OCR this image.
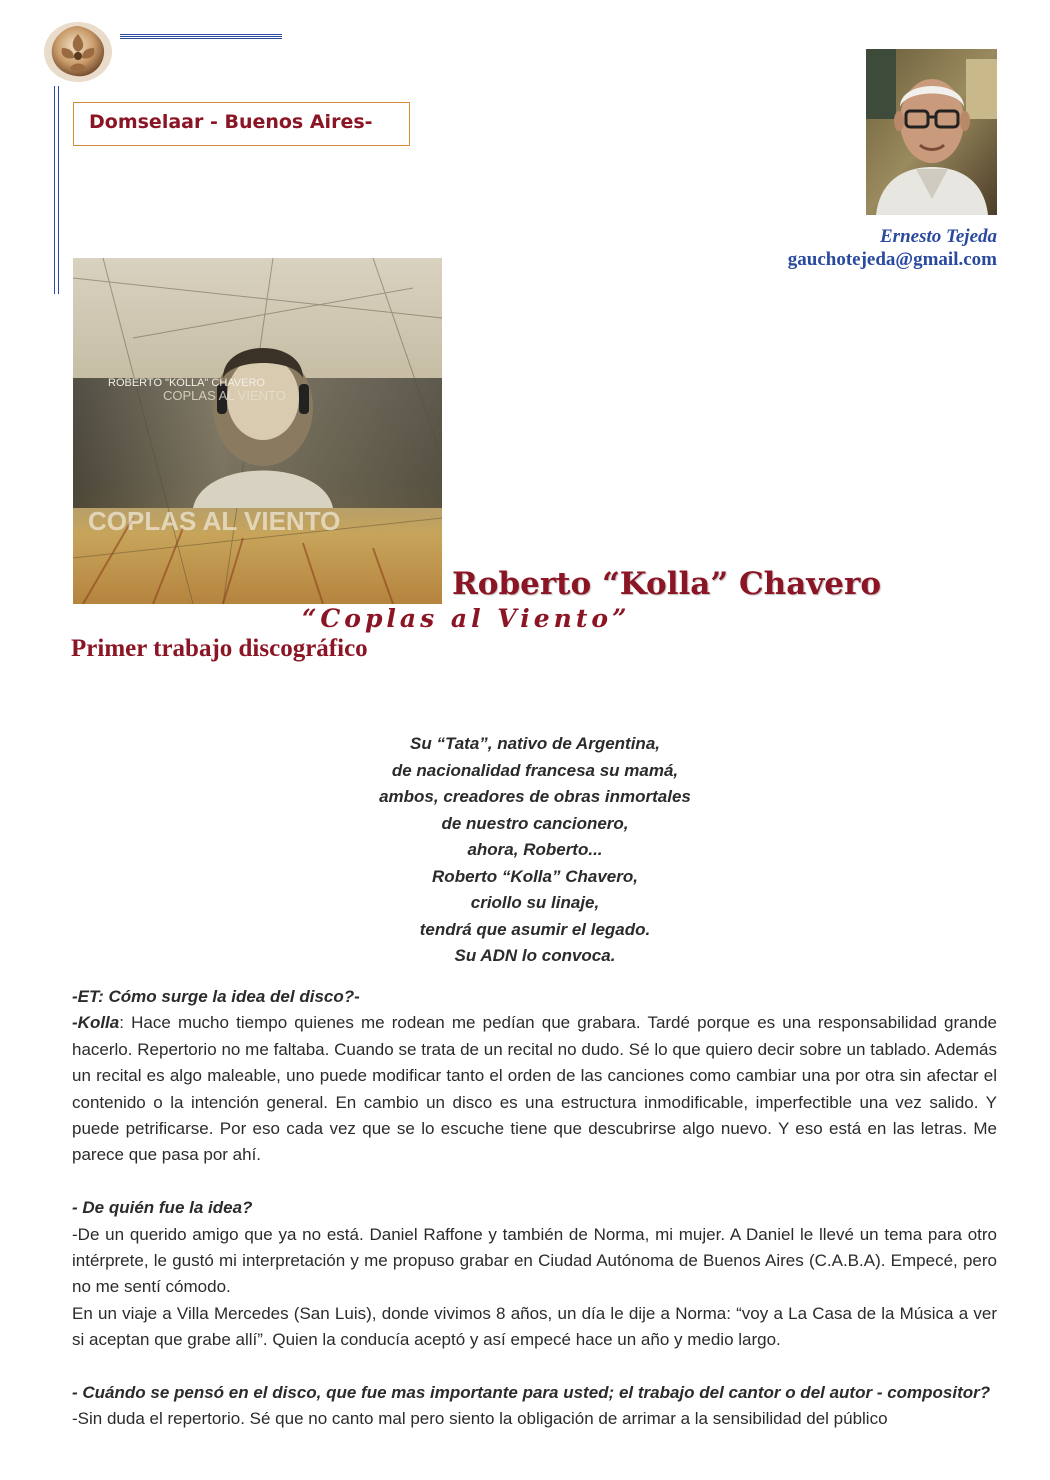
Domselaar - Buenos Aires-
Ernesto Tejeda
gauchotejeda@gmail.com
ROBERTO "KOLLA" CHAVERO
COPLAS AL VIENTO
COPLAS AL VIENTO
Roberto “Kolla” Chavero
“Coplas al Viento”
Primer trabajo discográfico
Su “Tata”, nativo de Argentina,
de nacionalidad francesa su mamá,
ambos, creadores de obras inmortales
de nuestro cancionero,
ahora, Roberto...
Roberto “Kolla” Chavero,
criollo su linaje,
tendrá que asumir el legado.
Su ADN lo convoca.
-ET: Cómo surge la idea del disco?-

-Kolla: Hace mucho tiempo quienes me rodean me pedían que grabara. Tardé porque es una responsabilidad grande hacerlo. Repertorio no me faltaba. Cuando se trata de un recital no dudo. Sé lo que quiero decir sobre un tablado. Además un recital es algo maleable, uno puede modificar tanto el orden de las canciones como cambiar una por otra sin afectar el contenido o la intención general. En cambio un disco es una estructura inmodificable, imperfectible una vez salido. Y puede petrificarse. Por eso cada vez que se lo escuche tiene que descubrirse algo nuevo. Y eso está en las letras. Me parece que pasa por ahí.

- De quién fue la idea?

-De un querido amigo que ya no está. Daniel Raffone y también de Norma, mi mujer. A Daniel le llevé un tema para otro intérprete, le gustó mi interpretación y me propuso grabar en Ciudad Autónoma de Buenos Aires (C.A.B.A). Empecé, pero no me sentí cómodo.

En un viaje a Villa Mercedes (San Luis), donde vivimos 8 años, un día le dije a Norma: “voy a La Casa de la Música a ver si aceptan que grabe allí”. Quien la conducía aceptó y así empecé hace un año y medio largo.

- Cuándo se pensó en el disco, que fue mas importante para usted; el trabajo del cantor o del autor - compositor?

-Sin duda el repertorio. Sé que no canto mal pero siento la obligación de arrimar a la sensibilidad del público
